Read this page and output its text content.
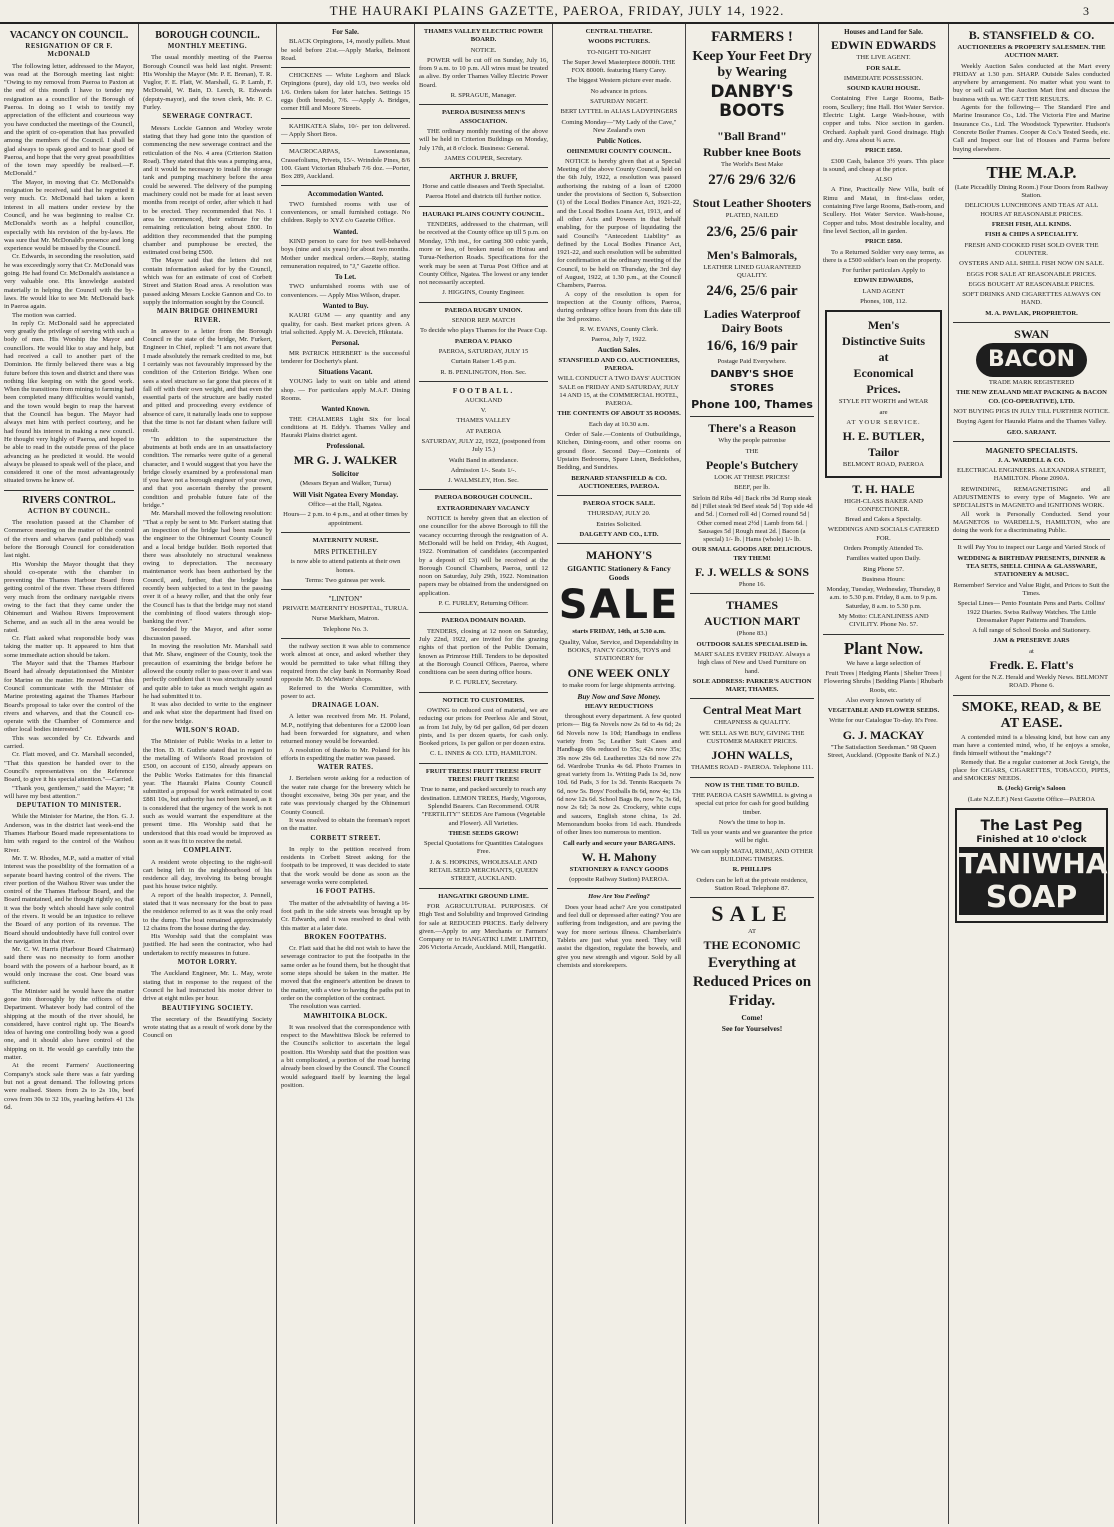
THE HAURAKI PLAINS GAZETTE, PAEROA, FRIDAY, JULY 14, 1922.	3
VACANCY ON COUNCIL.
RESIGNATION OF CR F. McDONALD

The following letter, addressed to the Mayor, was read at the Borough meeting last night: "Owing to my removal from Paeroa to Paxton at the end of this month I have to tender my resignation as a councillor of the Borough of Paeroa. In doing so I wish to testify my appreciation of the efficient and courteous way you have conducted the meetings of the Council, and the spirit of co-operation that has prevailed among the members of the Council. I shall be glad always to speak good and to hear good of Paeroa, and hope that the very great possibilities of the town may speedily be realised.—F. McDonald."

The Mayor, in moving that Cr. McDonald's resignation be received, said that he regretted it very much. Cr. McDonald had taken a keen interest in all matters under review by the Council, and he was beginning to realise Cr. McDonald's worth as a helpful councillor, especially with his revision of the by-laws. He was sure that Mr. McDonald's presence and long experience would be missed by the Council.

Cr. Edwards, in seconding the resolution, said he was exceedingly sorry that Cr. McDonald was going. He had found Cr. McDonald's assistance a very valuable one. His knowledge assisted materially in helping the Council with the by-laws. He would like to see Mr. McDonald back in Paeroa again.

The motion was carried.

In reply Cr. McDonald said he appreciated very greatly the privilege of serving with such a body of men. His Worship the Mayor and councillors. He would like to stay and help, but had received a call to another part of the Dominion. He firmly believed there was a big future before this town and district and there was nothing like keeping on with the good work. When the transitions from mining to farming had been completed many difficulties would vanish, and the town would begin to reap the harvest that the Council has begun. The Mayor had always met him with perfect courtesy, and he had found his interest in making a new council. He thought very highly of Paeroa, and hoped to be able to read in the outside press of the place advancing as he predicted it would. He would always be pleased to speak well of the place, and considered it one of the most advantageously situated towns he knew of.

RIVERS CONTROL.
ACTION BY COUNCIL.

The resolution passed at the Chamber of Commerce meeting on the matter of the control of the rivers and wharves (and published) was before the Borough Council for consideration last night.

His Worship the Mayor thought that they should co-operate with the chamber in preventing the Thames Harbour Board from getting control of the river. These rivers differed very much from the ordinary navigable rivers owing to the fact that they came under the Ohinemuri and Waihou Rivers Improvement Scheme, and as such all in the area would be rated.

Cr. Flatt asked what responsible body was taking the matter up. It appeared to him that some immediate action should be taken.

The Mayor said that the Thames Harbour Board had already deputationised the Minister for Marine on the matter. He moved "That this Council communicate with the Minister of Marine protesting against the Thames Harbour Board's proposal to take over the control of the rivers and wharves, and that the Council co-operate with the Chamber of Commerce and other local bodies interested."

This was seconded by Cr. Edwards and carried.

Cr. Flatt moved, and Cr. Marshall seconded, "That this question be handed over to the Council's representatives on the Reference Board, to give it his special attention."—Carried.

"Thank you, gentlemen," said the Mayor; "it will have my best attention."

DEPUTATION TO MINISTER.

While the Minister for Marine, the Hon. G. J. Anderson, was in the district last week-end the Thames Harbour Board made representations to him with regard to the control of the Waihou River.

Mr. T. W. Rhodes, M.P., said a matter of vital interest was the possibility of the formation of a separate board having control of the rivers. The river portion of the Waihou River was under the control of the Thames Harbour Board, and the Board maintained, and he thought rightly so, that it was the body which should have sole control of the rivers. It would be an injustice to relieve the Board of any portion of its revenue. The Board should undoubtedly have full control over the navigation in that river.

Mr. C. W. Harris (Harbour Board Chairman) said there was no necessity to form another board with the powers of a harbour board, as it would only increase the cost. One board was sufficient.

The Minister said he would have the matter gone into thoroughly by the officers of the Department. Whatever body had control of the shipping at the mouth of the river should, he considered, have control right up. The Board's idea of having one controlling body was a good one, and it should also have control of the shipping on it. He would go carefully into the matter.

At the recent Farmers' Auctioneering Company's stock sale there was a fair yarding but not a great demand. The following prices were realised. Steers from 2s to 2s 10s, beef cows from 30s to 32 10s, yearling heifers 41 13s 6d.

BOROUGH COUNCIL.
MONTHLY MEETING.

The usual monthly meeting of the Paeroa Borough Council was held last night. Present: His Worship the Mayor (Mr. P. E. Brenan), T. R. Vuglor, F. E. Flatt, W. Marshall, G. P. Lamb, F. McDonald, W. Bain, D. Leech, R. Edwards (deputy-mayor), and the town clerk, Mr. P. C. Furley.

SEWERAGE CONTRACT.

Messrs Lockie Gannon and Worley wrote stating that they had gone into the question of commencing the new sewerage contract and the reticulation of the No. 4 area (Criterion Station Road). They stated that this was a pumping area, and it would be necessary to install the storage tank and pumping machinery before the area could be sewered. The delivery of the pumping machinery could not be made for at least seven months from receipt of order, after which it had to be erected. They recommended that No. 1 area be commenced, their estimate for the remaining reticulation being about £800. In addition they recommended that the pumping chamber and pumphouse be erected, the estimated cost being £500.

The Mayor said that the letters did not contain information asked for by the Council, which was for an estimate of cost of Corbett Street and Station Road area. A resolution was passed asking Messrs Lockie Gannon and Co. to supply the information sought by the Council.

MAIN BRIDGE OHINEMURI RIVER.

In answer to a letter from the Borough Council re the state of the bridge, Mr. Furkert, Engineer in Chief, replied: "I am not aware that I made absolutely the remark credited to me, but I certainly was not favourably impressed by the condition of the Criterion Bridge. When one sees a steel structure so far gone that pieces of it fall off with their own weight, and that even the essential parts of the structure are badly rusted and pitted and proceeding every evidence of absence of care, it naturally leads one to suppose that the time is not far distant when failure will result.

"In addition to the superstructure the abutments at both ends are in an unsatisfactory condition. The remarks were quite of a general character, and I would suggest that you have the bridge closely examined by a professional man if you have not a borough engineer of your own, and that you ascertain thereby the present condition and probable future fate of the bridge."

Mr. Marshall moved the following resolution: "That a reply be sent to Mr. Furkert stating that an inspection of the bridge had been made by the engineer to the Ohinemuri County Council and a local bridge builder. Both reported that there was absolutely no structural weakness owing to depreciation. The necessary maintenance work has been authorised by the Council, and, further, that the bridge has recently been subjected to a test in the passing over it of a heavy roller, and that the only fear the Council has is that the bridge may not stand the combining of flood waters through stop-banking the river."

Seconded by the Mayor, and after some discussion passed.

In moving the resolution Mr. Marshall said that Mr. Shaw, engineer of the County, took the precaution of examining the bridge before he allowed the county roller to pass over it and was perfectly confident that it was structurally sound and quite able to take as much weight again as he had submitted it to.

It was also decided to write to the engineer and ask what size the department had fixed on for the new bridge.

WILSON'S ROAD.

The Minister of Public Works in a letter to the Hon. D. H. Guthrie stated that in regard to the metalling of Wilson's Road provision of £500, on account of £150, already appears on the Public Works Estimates for this financial year. The Hauraki Plains County Council submitted a proposal for work estimated to cost £881 10s, but authority has not been issued, as it is considered that the urgency of the work is not such as would warrant the expenditure at the present time. His Worship said that he understood that this road would be improved as soon as it was fit to receive the metal.

COMPLAINT.

A resident wrote objecting to the night-soil cart being left in the neighbourhood of his residence all day, involving its being brought past his house twice nightly.

A report of the health inspector, J. Pennell, stated that it was necessary for the boat to pass the residence referred to as it was the only road to the dump. The boat remained approximately 12 chains from the house during the day.

His Worship said that the complaint was justified. He had seen the contractor, who had undertaken to rectify measures in future.

MOTOR LORRY.

The Auckland Engineer, Mr. L. May, wrote stating that in response to the request of the Council he had instructed his motor driver to drive at eight miles per hour.

BEAUTIFYING SOCIETY.

The secretary of the Beautifying Society wrote stating that as a result of work done by the Council on

For Sale.

BLACK Orpingtons, 14, mostly pullets. Must be sold before 21st.—Apply Marks, Belmont Road.

CHICKENS — White Leghorn and Black Orpingtons (pure), day old 1/3, two weeks old 1/6. Orders taken for later hatches. Settings 15 eggs (both breeds), 7/6. —Apply A. Bridges, corner Hill and Moore Streets.

KAHIKATEA Slabs, 10/- per ton delivered. — Apply Short Bros.

MACROCARPAS, Lawsonianas, Crassefolisms, Privets, 15/-. Wrindole Pines, 8/6 100. Giant Victorian Rhubarb 7/6 doz. —Porter, Box 289, Auckland.

Accommodation Wanted.

TWO furnished rooms with use of conveniences, or small furnished cottage. No children. Reply to XYZ c/o Gazette Office.

Wanted.

KIND person to care for two well-behaved boys (nine and six years) for about two months. Mother under medical orders.—Reply, stating remuneration required, to "J," Gazette office.

To Let.

TWO unfurnished rooms with use of conveniences. — Apply Miss Wilson, draper.

Wanted to Buy.

KAURI GUM — any quantity and any quality, for cash. Best market prices given. A trial solicited. Apply M. A. Devcich, Hikutaia.

Personal.

MR PATRICK HERBERT is the successful tenderer for Docherty's plant.

Situations Vacant.

YOUNG lady to wait on table and attend shop. — For particulars apply M.A.F. Dining Rooms.

Wanted Known.

THE CHALMERS Light Six for local conditions at H. Eddy's. Thames Valley and Hauraki Plains district agent.

Professional.
MR G. J. WALKER
Solicitor
(Messrs Bryan and Walker, Turua)
Will Visit Ngatea Every Monday.
Office—at the Hall, Ngatea.
Hours— 2 p.m. to 4 p.m., and at other times by appointment.
MATERNITY NURSE.
MRS PITKETHLEY
is now able to attend patients at their own homes.
Terms: Two guineas per week.
"LINTON"
PRIVATE MATERNITY HOSPITAL, TURUA.
Nurse Markham, Matron.
Telephone No. 3.

the railway section it was able to commence work almost at once, and asked whether they would be permitted to take what filling they required from the clay bank in Normanby Road opposite Mr. D. McWatters' shops.

Referred to the Works Committee, with power to act.

DRAINAGE LOAN.

A letter was received from Mr. H. Poland, M.P., notifying that debentures for a £2000 loan had been forwarded for signature, and when returned money would be forwarded.

A resolution of thanks to Mr. Poland for his efforts in expediting the matter was passed.

WATER RATES.

J. Bertelsen wrote asking for a reduction of the water rate charge for the brewery which he thought excessive, being 30s per year, and the rate was previously charged by the Ohinemuri County Council.

It was resolved to obtain the foreman's report on the matter.

CORBETT STREET.

In reply to the petition received from residents in Corbett Street asking for the footpath to be improved, it was decided to state that the work would be done as soon as the sewerage works were completed.

16 FOOT PATHS.

The matter of the advisability of having a 16-foot path in the side streets was brought up by Cr. Edwards, and it was resolved to deal with this matter at a later date.

BROKEN FOOTPATHS.

Cr. Flatt said that he did not wish to have the sewerage contractor to put the footpaths in the same order as he found them, but he thought that some steps should be taken in the matter. He moved that the engineer's attention be drawn to the matter, with a view to having the paths put in order on the completion of the contract.

The resolution was carried.

MAWHITOIKA BLOCK.

It was resolved that the correspondence with respect to the Mawhitiwa Block be referred to the Council's solicitor to ascertain the legal position. His Worship said that the position was a bit complicated, a portion of the road having already been closed by the Council. The Council would safeguard itself by learning the legal position.

THAMES VALLEY ELECTRIC POWER BOARD.
NOTICE.

POWER will be cut off on Sunday, July 16, from 9 a.m. to 10 p.m. All wires must be treated as alive. By order Thames Valley Electric Power Board.

R. SPRAGUE, Manager.
PAEROA BUSINESS MEN'S ASSOCIATION.

THE ordinary monthly meeting of the above will be held in Criterion Buildings on Monday, July 17th, at 8 o'clock. Business: General.

JAMES COUPER, Secretary.
ARTHUR J. BRUFF,
Horse and cattle diseases and Teeth Specialist.
Paeroa Hotel and districts till further notice.
HAURAKI PLAINS COUNTY COUNCIL.

TENDERS, addressed to the chairman, will be received at the County office up till 5 p.m. on Monday, 17th inst., for carting 300 cubic yards, more or less, of broken metal on Hoirau and Turua-Netherton Roads. Specifications for the work may be seen at Turua Post Office and at County Office, Ngatea. The lowest or any tender not necessarily accepted.

J. HIGGINS, County Engineer.
PAEROA RUGBY UNION.
SENIOR REP. MATCH
To decide who plays Thames for the Peace Cup.
PAEROA V. PIAKO
PAEROA, SATURDAY, JULY 15
Curtain Raiser 1.45 p.m.
R. B. PENLINGTON, Hon. Sec.
FOOTBALL.
AUCKLAND
V.
THAMES VALLEY
AT PAEROA
SATURDAY, JULY 22, 1922, (postponed from July 15.)
Waihi Band in attendance.
Admission 1/-. Seats 1/-.
J. WALMSLEY, Hon. Sec.
PAEROA BOROUGH COUNCIL.
EXTRAORDINARY VACANCY

NOTICE is hereby given that an election of one councillor for the above Borough to fill the vacancy occurring through the resignation of A. McDonald will be held on Friday, 4th August, 1922. Nomination of candidates (accompanied by a deposit of £3) will be received at the Borough Council Chambers, Paeroa, until 12 noon on Saturday, July 29th, 1922. Nomination papers may be obtained from the undersigned on application.

P. C. FURLEY, Returning Officer.
PAEROA DOMAIN BOARD.

TENDERS, closing at 12 noon on Saturday, July 22nd, 1922, are invited for the grazing rights of that portion of the Public Domain, known as Primrose Hill. Tenders to be deposited at the Borough Council Offices, Paeroa, where conditions can be seen during office hours.

P. C. FURLEY, Secretary.
NOTICE TO CUSTOMERS.

OWING to reduced cost of material, we are reducing our prices for Peerless Ale and Stout, as from 1st July, by 6d per gallon, 6d per dozen pints, and 1s per dozen quarts, for cash only. Booked prices, 1s per gallon or per dozen extra.

C. L. INNES & CO. LTD, HAMILTON.
FRUIT TREES! FRUIT TREES! FRUIT TREES! FRUIT TREES!
True to name, and packed securely to reach any destination. LEMON TREES, Hardy, Vigorous, Splendid Bearers. Can Recommend. OUR "FERTILITY" SEEDS Are Famous (Vegetable and Flower). All Varieties.
THESE SEEDS GROW!
Special Quotations for Quantities Catalogues Free.
J. & S. HOPKINS, WHOLESALE AND RETAIL SEED MERCHANTS, QUEEN STREET, AUCKLAND.
HANGATIKI GROUND LIME.

FOR AGRICULTURAL PURPOSES. Of High Test and Solubility and Improved Grinding for sale at REDUCED PRICES. Early delivery given.—Apply to any Merchants or Farmers' Company or to HANGATIKI LIME LIMITED, 206 Victoria Arcade, Auckland. Mill, Hangatiki.

CENTRAL THEATRE.
WOODS PICTURES.
TO-NIGHT TO-NIGHT
The Super Jewel Masterpiece 8000ft. THE FOX 8000ft. featuring Harry Carey.
The biggest Western picture ever made.
No advance in prices.
SATURDAY NIGHT.
BERT LYTTEL in ALIAS LADYFINGERS
Coming Monday—"My Lady of the Cave," New Zealand's own
Public Notices.
OHINEMURI COUNTY COUNCIL.

NOTICE is hereby given that at a Special Meeting of the above County Council, held on the 6th July, 1922, a resolution was passed authorising the raising of a loan of £2000 under the provisions of Section 6, Subsection (1) of the Local Bodies Finance Act, 1921-22, and the Local Bodies Loans Act, 1913, and of all other Acts and Powers in that behalf enabling, for the purpose of liquidating the said Council's "Antecedent Liability" as defined by the Local Bodies Finance Act, 1921-22, and such resolution will be submitted for confirmation at the ordinary meeting of the Council, to be held on Thursday, the 3rd day of August, 1922, at 1.30 p.m., at the Council Chambers, Paeroa.

A copy of the resolution is open for inspection at the County offices, Paeroa, during ordinary office hours from this date till the 3rd proximo.

R. W. EVANS, County Clerk.
Paeroa, July 7, 1922.
Auction Sales.
STANSFIELD AND CO. AUCTIONEERS, PAEROA.
WILL CONDUCT A TWO DAYS' AUCTION SALE on FRIDAY AND SATURDAY, JULY 14 AND 15, at the COMMERCIAL HOTEL, PAEROA.
THE CONTENTS OF ABOUT 35 ROOMS.
Each day at 10.30 a.m.

Order of Sale.—Contents of Outbuildings, Kitchen, Dining-room, and other rooms on ground floor. Second Day—Contents of Upstairs Bedrooms, Spare Linen, Bedclothes, Bedding, and Sundries.

BERNARD STANSFIELD & CO. AUCTIONEERS, PAEROA.
PAEROA STOCK SALE.
THURSDAY, JULY 20.
Entries Solicited.
DALGETY AND CO., LTD.
MAHONY'S
GIGANTIC Stationery & Fancy Goods
SALE
starts FRIDAY, 14th, at 5.30 a.m.
Quality, Value, Service, and Dependability in BOOKS, FANCY GOODS, TOYS and STATIONERY for
ONE WEEK ONLY
to make room for large shipments arriving.
Buy Now and Save Money.
HEAVY REDUCTIONS

throughout every department. A few quoted prices— Big 6s Novels now 2s 6d to 4s 6d; 2s 6d Novels now 1s 10d; Handbags in endless variety from 5s; Leather Suit Cases and Handbags 69s reduced to 55s; 42s now 35s; 39s now 29s 6d. Leatherettes 32s 6d now 27s 6d. Wardrobe Trunks 4s 6d. Photo Frames in great variety from 1s. Writing Pads 1s 3d, now 10d. 6d Pads, 3 for 1s 3d. Tennis Racquets 7s 6d, now 5s. Boys' Footballs 8s 6d, now 4s; 13s 6d now 12s 6d. School Bags 8s, now 7s; 3s 6d, now 2s 6d; 3s now 2s. Crockery, white cups and saucers, English stone china, 1s 2d. Memorandum books from 1d each. Hundreds of other lines too numerous to mention.

Call early and secure your BARGAINS.
W. H. Mahony
STATIONERY & FANCY GOODS
(opposite Railway Station) PAEROA.
How Are You Feeling?

Does your head ache? Are you constipated and feel dull or depressed after eating? You are suffering from indigestion, and are paving the way for more serious illness. Chamberlain's Tablets are just what you need. They will assist the digestion, regulate the bowels, and give you new strength and vigour. Sold by all chemists and storekeepers.

FARMERS !
Keep Your Feet Dry by Wearing
DANBY'S BOOTS
"Ball Brand"
Rubber knee Boots
The World's Best Make
27/6 29/6 32/6
Stout Leather Shooters
PLATED, NAILED
23/6, 25/6 pair
Men's Balmorals,
LEATHER LINED GUARANTEED QUALITY.
24/6, 25/6 pair
Ladies Waterproof Dairy Boots
16/6, 16/9 pair
Postage Paid Everywhere.
DANBY'S SHOE STORES
Phone 100, Thames
There's a Reason
Why the people patronise
THE
People's Butchery
LOOK AT THESE PRICES!
BEEF, per lb.
Sirloin 8d Ribs 4d | Back ribs 3d Rump steak 8d | Fillet steak 9d Beef steak 5d | Top side 4d and 5d. | Corned roll 4d | Corned round 5d | Other corned meat 2½d | Lamb from 6d. | Sausages 5d | Rough meat 2d. | Bacon (a special) 1/- lb. | Hams (whole) 1/- lb.
OUR SMALL GOODS ARE DELICIOUS. TRY THEM!
F. J. WELLS & SONS
Phone 16.
THAMES
AUCTION MART
(Phone 83.)
OUTDOOR SALES SPECIALISED in.
MART SALES EVERY FRIDAY. Always a high class of New and Used Furniture on hand.
SOLE ADDRESS: PARKER'S AUCTION MART, THAMES.
Central Meat Mart
CHEAPNESS & QUALITY.
WE SELL AS WE BUY, GIVING THE CUSTOMER MARKET PRICES.
JOHN WALLS,
THAMES ROAD - PAEROA. Telephone 111.
NOW IS THE TIME TO BUILD.
THE PAEROA CASH SAWMILL is giving a special cut price for cash for good building timber.
Now's the time to hop in.
Tell us your wants and we guarantee the price will be right.
We can supply MATAI, RIMU, AND OTHER BUILDING TIMBERS.
R. PHILLIPS
Orders can be left at the private residence, Station Road. Telephone 87.
SALE
AT
THE ECONOMIC
Everything at Reduced Prices on Friday.
Come!
See for Yourselves!
Houses and Land for Sale.
EDWIN EDWARDS
THE LIVE AGENT.
FOR SALE.
IMMEDIATE POSSESSION.
SOUND KAURI HOUSE.

Containing Five Large Rooms, Bath-room, Scullery; fine Hall. Hot Water Service. Electric Light. Large Wash-house, with copper and tubs. Nice section in garden. Orchard. Asphalt yard. Good drainage. High and dry. Area about ¾ acre.

PRICE £850.

£300 Cash, balance 3½ years. This place is sound, and cheap at the price.

ALSO

A Fine, Practically New Villa, built of Rimu and Matai, in first-class order, containing Five large Rooms, Bath-room, and Scullery. Hot Water Service. Wash-house, Copper and tubs. Most desirable locality, and fine level Section, all in garden.

PRICE £850.

To a Returned Soldier very easy terms, as there is a £500 soldier's loan on the property.

For further particulars Apply to
EDWIN EDWARDS,
LAND AGENT
Phones, 108, 112.
Men's
Distinctive Suits
at
Economical
Prices.
STYLE FIT WORTH and WEAR
are
AT YOUR SERVICE.
H. E. BUTLER,
Tailor
BELMONT ROAD, PAEROA
T. H. HALE
HIGH-CLASS BAKER AND CONFECTIONER.
Bread and Cakes a Specialty.
WEDDINGS AND SOCIALS CATERED FOR.
Orders Promptly Attended To.
Families waited upon Daily.
Ring Phone 57.
Business Hours:
Monday, Tuesday, Wednesday, Thursday, 8 a.m. to 5.30 p.m. Friday, 8 a.m. to 9 p.m. Saturday, 8 a.m. to 5.30 p.m.
My Motto: CLEANLINESS AND CIVILITY. Phone No. 57.
Plant Now.
We have a large selection of
Fruit Trees | Hedging Plants | Shelter Trees | Flowering Shrubs | Bedding Plants | Rhubarb Roots, etc.
Also every known variety of
VEGETABLE AND FLOWER SEEDS.
Write for our Catalogue To-day. It's Free.
G. J. MACKAY
"The Satisfaction Seedsman." 98 Queen Street, Auckland. (Opposite Bank of N.Z.)
B. STANSFIELD & CO.
AUCTIONEERS & PROPERTY SALESMEN. THE AUCTION MART.

Weekly Auction Sales conducted at the Mart every FRIDAY at 1.30 p.m. SHARP. Outside Sales conducted anywhere by arrangement. No matter what you want to buy or sell call at The Auction Mart first and discuss the business with us. WE GET THE RESULTS.

Agents for the following— The Standard Fire and Marine Insurance Co., Ltd. The Victoria Fire and Marine Insurance Co., Ltd. The Woodstock Typewriter. Hudson's Concrete Boiler Frames. Cooper & Co.'s Tested Seeds, etc. Call and Inspect our list of Houses and Farms before buying elsewhere.

THE M.A.P.
(Late Piccadilly Dining Room.) Four Doors from Railway Station.
DELICIOUS LUNCHEONS AND TEAS AT ALL HOURS AT REASONABLE PRICES.
FRESH FISH, ALL KINDS.
FISH & CHIPS A SPECIALITY.
FRESH AND COOKED FISH SOLD OVER THE COUNTER.
OYSTERS AND ALL SHELL FISH NOW ON SALE.
EGGS FOR SALE AT REASONABLE PRICES.
EGGS BOUGHT AT REASONABLE PRICES.
SOFT DRINKS AND CIGARETTES ALWAYS ON HAND.
M. A. PAVLAK, PROPRIETOR.
SWAN
BACON
TRADE MARK REGISTERED
THE NEW ZEALAND MEAT PACKING & BACON CO. (CO-OPERATIVE), LTD.
NOT BUYING PIGS IN JULY TILL FURTHER NOTICE.
Buying Agent for Hauraki Plains and the Thames Valley.
GEO. SARJANT.
MAGNETO SPECIALISTS.
J. A. WARDELL & CO.
ELECTRICAL ENGINEERS. ALEXANDRA STREET, HAMILTON. Phone 2090A.

REWINDING, REMAGNETISING and all ADJUSTMENTS to every type of Magneto. We are SPECIALISTS in MAGNETO and IGNITIONS WORK.

All work is Personally Conducted. Send your MAGNETOS to WARDELL'S, HAMILTON, who are doing the work for a discriminating Public.

It will Pay You to inspect our Large and Varied Stock of
WEDDING & BIRTHDAY PRESENTS, DINNER & TEA SETS, SHELL CHINA & GLASSWARE, STATIONERY & MUSIC.
Remember! Service and Value Right, and Prices to Suit the Times.
Special Lines— Pento Fountain Pens and Parts. Collins' 1922 Diaries. Swiss Railway Watches. The Little Dressmaker Paper Patterns and Transfers.
A full range of School Books and Stationery.
JAM & PRESERVE JARS
at
Fredk. E. Flatt's
Agent for the N.Z. Herald and Weekly News. BELMONT ROAD. Phone 6.
SMOKE, READ, & BE AT EASE.

A contended mind is a blessing kind, but how can any man have a contented mind, who, if he enjoys a smoke, finds himself without the "makings"?

Remedy that. Be a regular customer at Jock Greig's, the place for CIGARS, CIGARETTES, TOBACCO, PIPES, and SMOKERS' NEEDS.

B. (Jock) Greig's Saloon
(Late N.Z.E.F.) Next Gazette Office—PAEROA
The Last Peg
Finished at 10 o'clock
TANIWHA
SOAP
